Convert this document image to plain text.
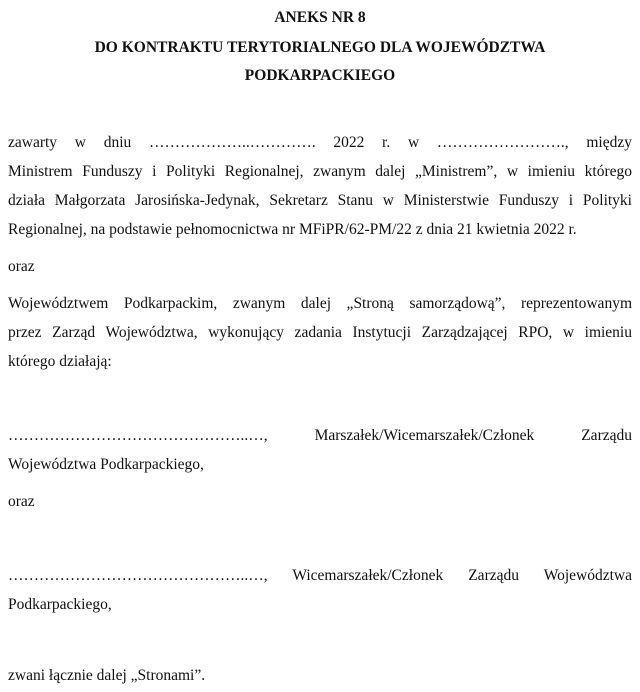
ANEKS NR 8
DO KONTRAKTU TERYTORIALNEGO DLA WOJEWÓDZTWA
PODKARPACKIEGO
zawarty w dniu ………………..…………. 2022 r. w ……………………., między
Ministrem Funduszy i Polityki Regionalnej, zwanym dalej „Ministrem”, w imieniu którego
działa Małgorzata Jarosińska-Jedynak, Sekretarz Stanu w Ministerstwie Funduszy i Polityki
Regionalnej, na podstawie pełnomocnictwa nr MFiPR/62-PM/22 z dnia 21 kwietnia 2022 r.
oraz
Województwem Podkarpackim, zwanym dalej „Stroną samorządową”, reprezentowanym
przez Zarząd Województwa, wykonujący zadania Instytucji Zarządzającej RPO, w imieniu
którego działają:
………………………………………..…, Marszałek/Wicemarszałek/Członek Zarządu
Województwa Podkarpackiego,
oraz
………………………………………..…, Wicemarszałek/Członek Zarządu Województwa
Podkarpackiego,
zwani łącznie dalej „Stronami”.
